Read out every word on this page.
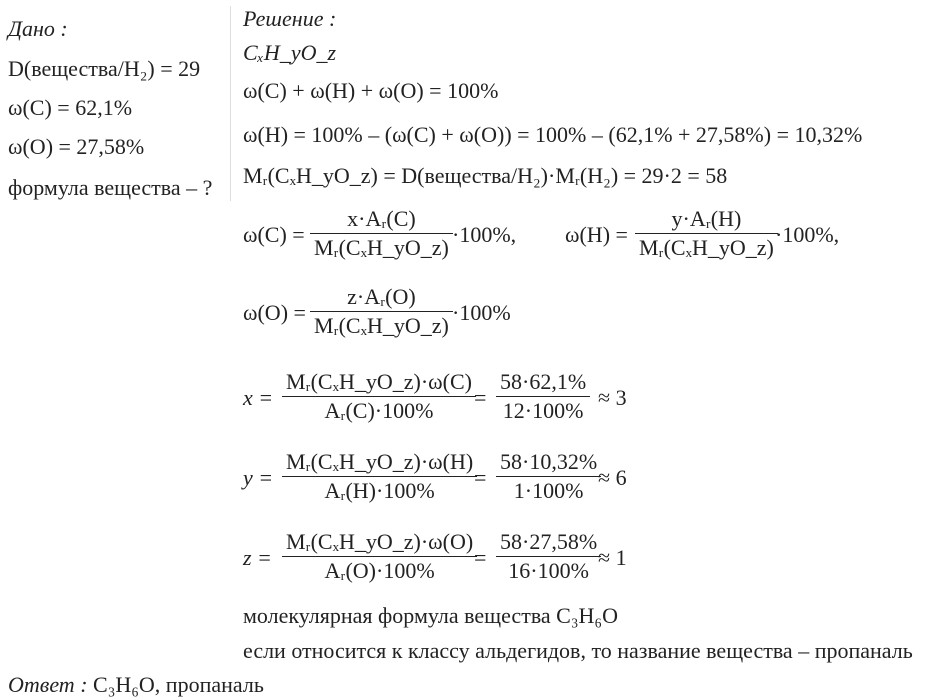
Дано :
D(вещества/H₂) = 29
ω(C) = 62,1%
ω(O) = 27,58%
формула вещества – ?
Решение :
CₓH_yO_z
ω(C) + ω(H) + ω(O) = 100%
ω(H) = 100% – (ω(C) + ω(O)) = 100% – (62,1% + 27,58%) = 10,32%
Mᵣ(CₓH_yO_z) = D(вещества/H₂)·Mᵣ(H₂) = 29·2 = 58
ω(C) =
x·Aᵣ(C)
Mᵣ(CₓH_yO_z)
·100%, ω(H) =
y·Aᵣ(H)
Mᵣ(CₓH_yO_z)
·100%,
ω(O) =
z·Aᵣ(O)
Mᵣ(CₓH_yO_z)
·100%
x =
Mᵣ(CₓH_yO_z)·ω(C)
Aᵣ(C)·100%
=
58·62,1%
12·100%
≈ 3
y =
Mᵣ(CₓH_yO_z)·ω(H)
Aᵣ(H)·100%
=
58·10,32%
1·100%
≈ 6
z =
Mᵣ(CₓH_yO_z)·ω(O)
Aᵣ(O)·100%
=
58·27,58%
16·100%
≈ 1
молекулярная формула вещества C₃H₆O
если относится к классу альдегидов, то название вещества – пропаналь
Ответ : C₃H₆O, пропаналь
